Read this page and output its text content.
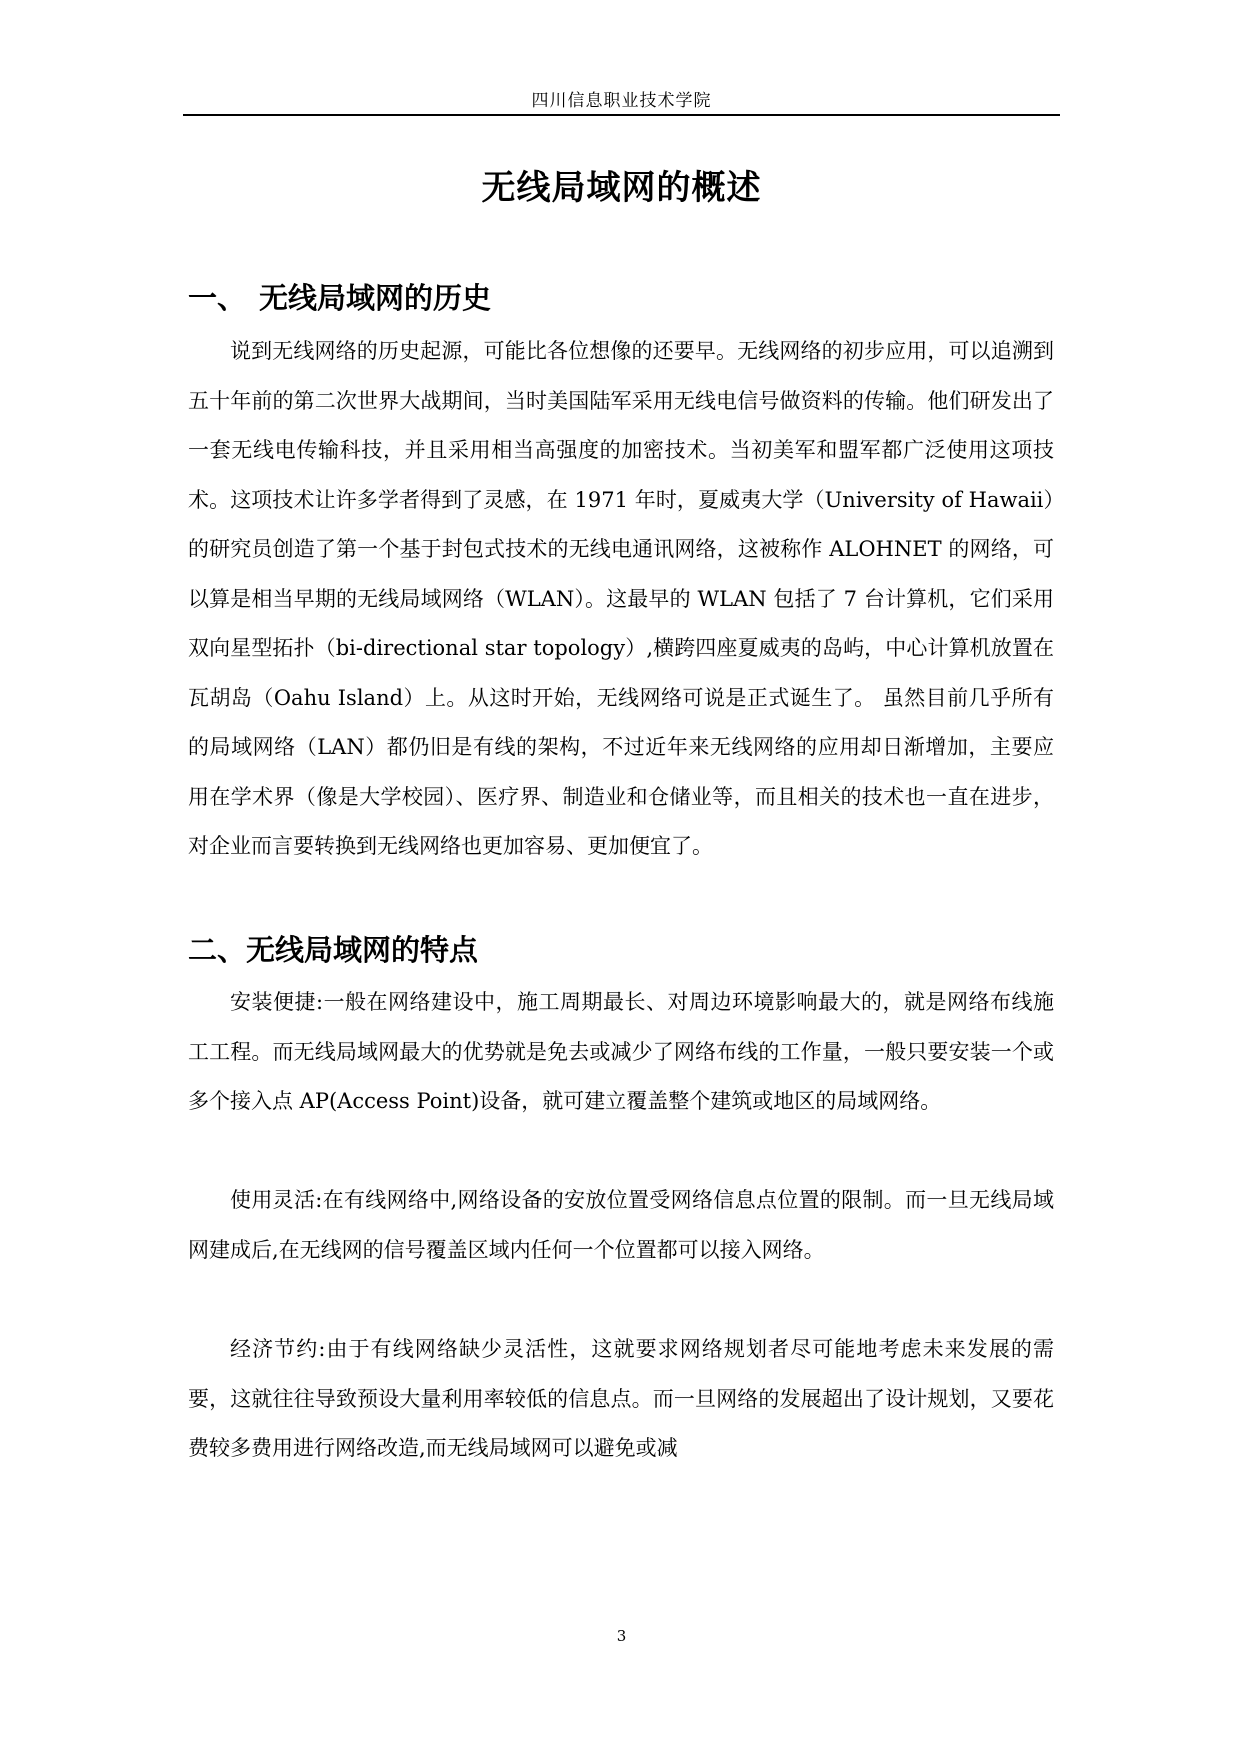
四川信息职业技术学院
无线局域网的概述
一、 无线局域网的历史

说到无线网络的历史起源，可能比各位想像的还要早。无线网络的初步应用，可以追溯到五十年前的第二次世界大战期间，当时美国陆军采用无线电信号做资料的传输。他们研发出了一套无线电传输科技，并且采用相当高强度的加密技术。当初美军和盟军都广泛使用这项技术。这项技术让许多学者得到了灵感，在 1971 年时，夏威夷大学（University of Hawaii）的研究员创造了第一个基于封包式技术的无线电通讯网络，这被称作 ALOHNET 的网络，可以算是相当早期的无线局域网络（WLAN）。这最早的 WLAN 包括了 7 台计算机，它们采用双向星型拓扑（bi-directional star topology）,横跨四座夏威夷的岛屿，中心计算机放置在瓦胡岛（Oahu Island）上。从这时开始，无线网络可说是正式诞生了。 虽然目前几乎所有的局域网络（LAN）都仍旧是有线的架构，不过近年来无线网络的应用却日渐增加，主要应用在学术界（像是大学校园）、医疗界、制造业和仓储业等，而且相关的技术也一直在进步，对企业而言要转换到无线网络也更加容易、更加便宜了。

二、无线局域网的特点

安装便捷:一般在网络建设中，施工周期最长、对周边环境影响最大的，就是网络布线施工工程。而无线局域网最大的优势就是免去或减少了网络布线的工作量，一般只要安装一个或多个接入点 AP(Access Point)设备，就可建立覆盖整个建筑或地区的局域网络。

使用灵活:在有线网络中,网络设备的安放位置受网络信息点位置的限制。而一旦无线局域网建成后,在无线网的信号覆盖区域内任何一个位置都可以接入网络。

经济节约:由于有线网络缺少灵活性，这就要求网络规划者尽可能地考虑未来发展的需要，这就往往导致预设大量利用率较低的信息点。而一旦网络的发展超出了设计规划，又要花费较多费用进行网络改造,而无线局域网可以避免或减

3
